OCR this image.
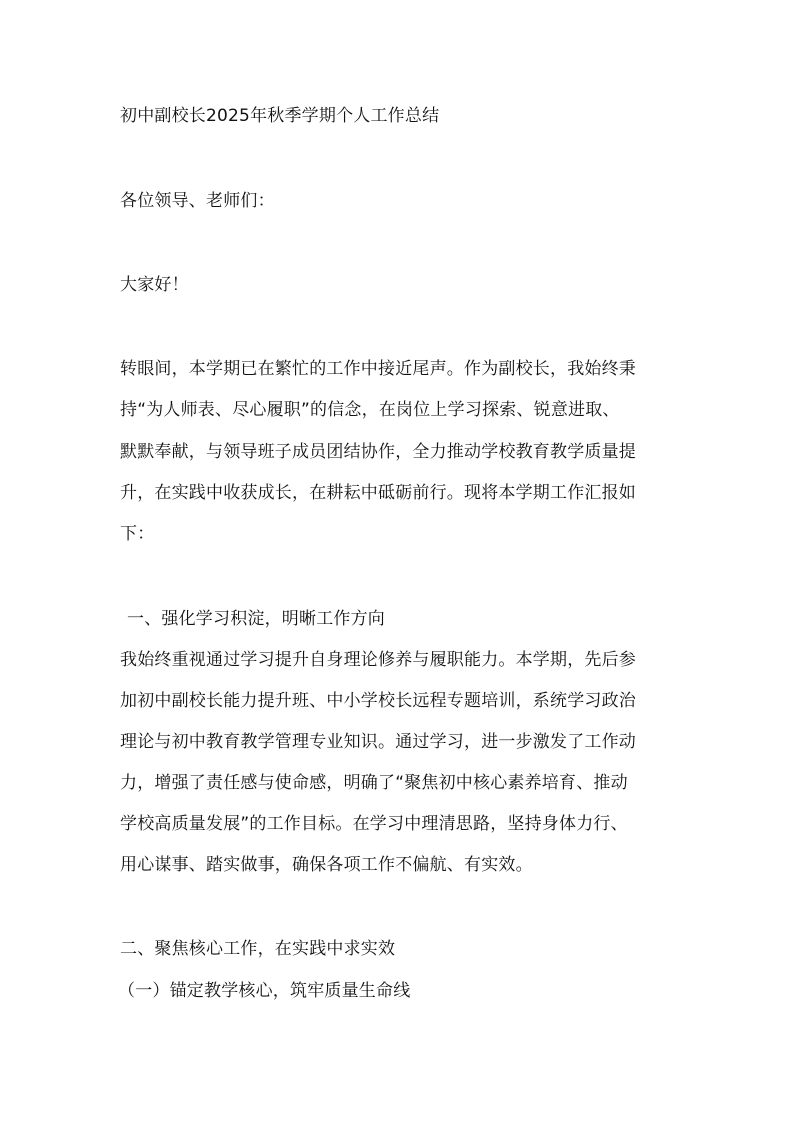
初中副校长2025年秋季学期个人工作总结
各位领导、老师们：
大家好！
转眼间，本学期已在繁忙的工作中接近尾声。作为副校长，我始终秉
持“为人师表、尽心履职”的信念，在岗位上学习探索、锐意进取、
默默奉献，与领导班子成员团结协作，全力推动学校教育教学质量提
升，在实践中收获成长，在耕耘中砥砺前行。现将本学期工作汇报如
下：
一、强化学习积淀，明晰工作方向
我始终重视通过学习提升自身理论修养与履职能力。本学期，先后参
加初中副校长能力提升班、中小学校长远程专题培训，系统学习政治
理论与初中教育教学管理专业知识。通过学习，进一步激发了工作动
力，增强了责任感与使命感，明确了“聚焦初中核心素养培育、推动
学校高质量发展”的工作目标。在学习中理清思路，坚持身体力行、
用心谋事、踏实做事，确保各项工作不偏航、有实效。
二、聚焦核心工作，在实践中求实效
（一）锚定教学核心，筑牢质量生命线
